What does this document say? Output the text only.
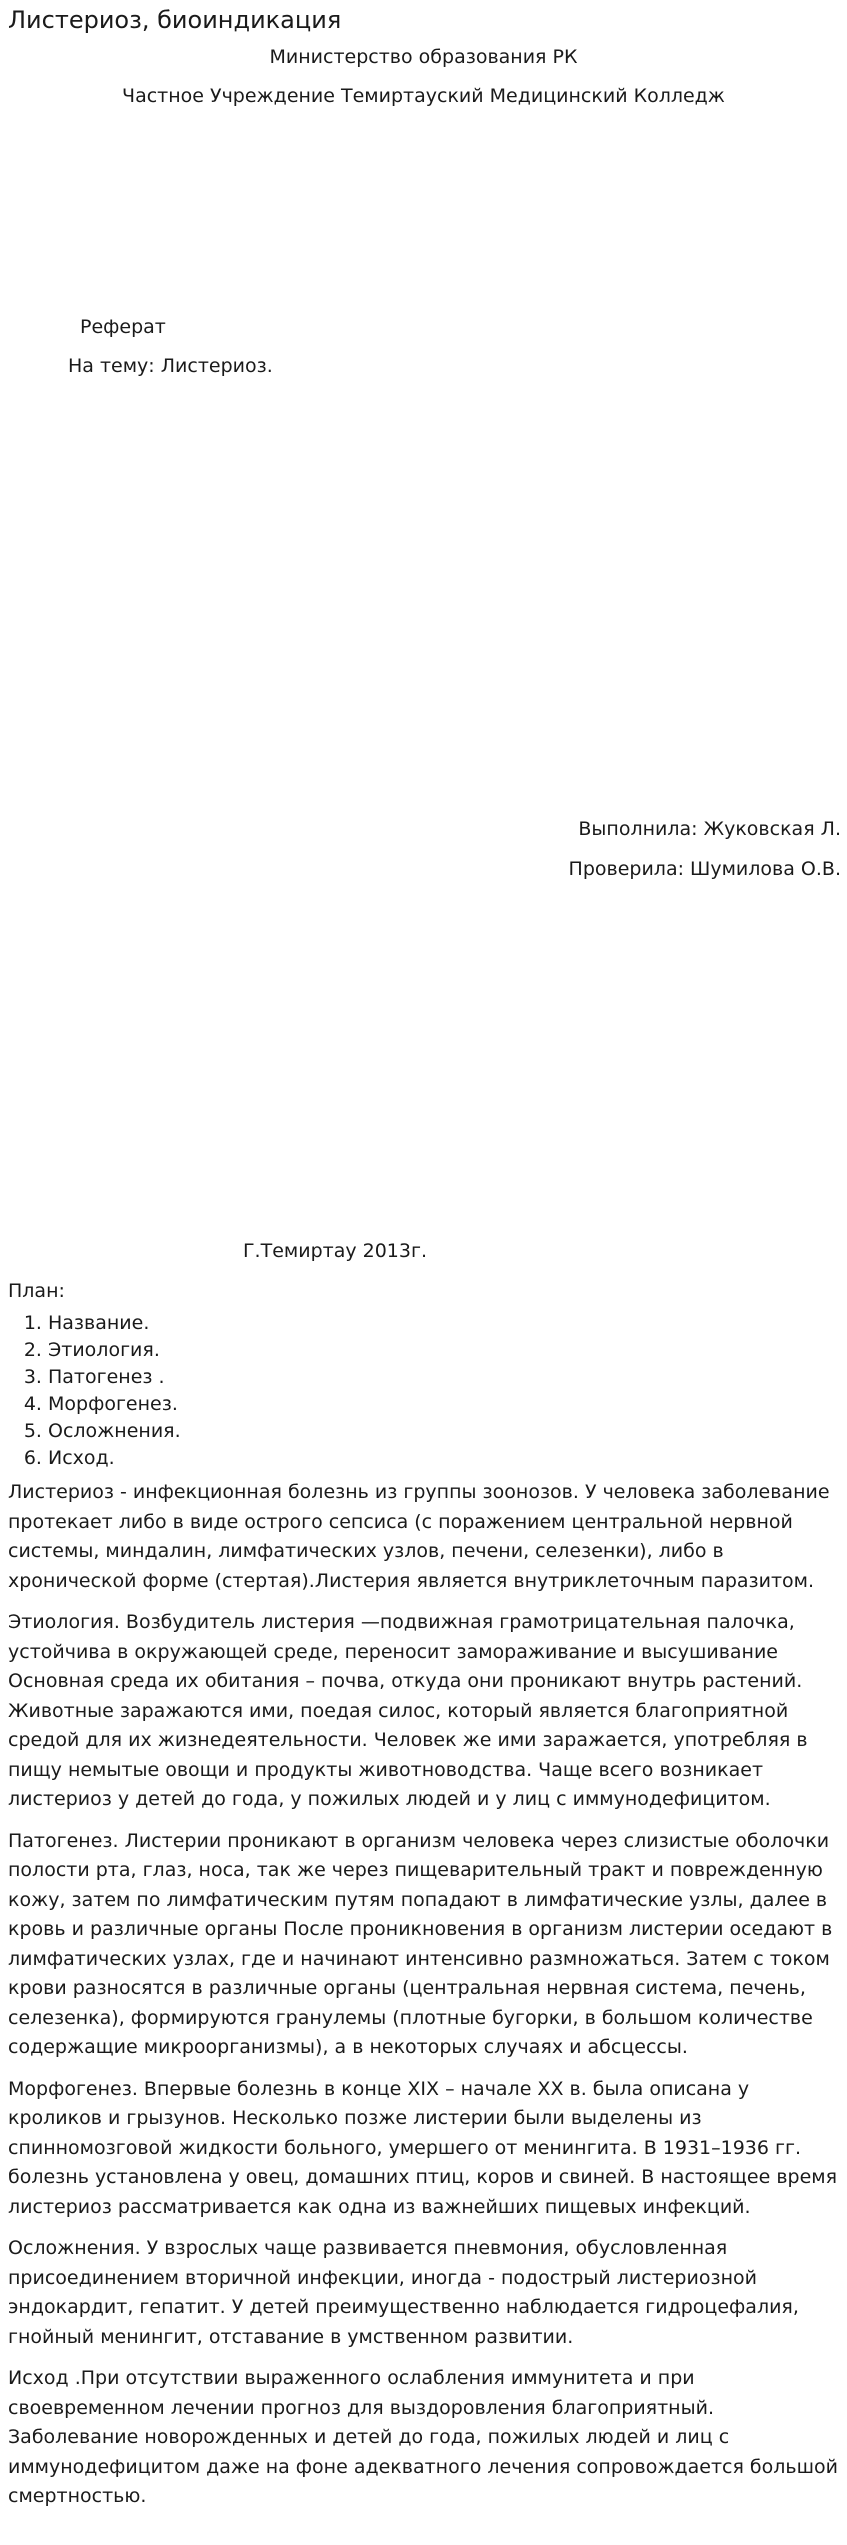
Листериоз, биоиндикация
Министерство образования РК
Частное Учреждение Темиртауский Медицинский Колледж
Реферат
На тему: Листериоз.
Выполнила: Жуковская Л.
Проверила: Шумилова О.В.
Г.Темиртау 2013г.
План:
1. Название.
2. Этиология.
3. Патогенез .
4. Морфогенез.
5. Осложнения.
6. Исход.

Листериоз - инфекционная болезнь из группы зоонозов. У человека заболевание протекает либо в виде острого сепсиса (с поражением центральной нервной системы, миндалин, лимфатических узлов, печени, селезенки), либо в хронической форме (стертая).Листерия является внутриклеточным паразитом.

Этиология. Возбудитель листерия —подвижная грамотрицательная палочка, устойчива в окружающей среде, переносит замораживание и высушивание Основная среда их обитания – почва, откуда они проникают внутрь растений. Животные заражаются ими, поедая силос, который является благоприятной средой для их жизнедеятельности. Человек же ими заражается, употребляя в пищу немытые овощи и продукты животноводства. Чаще всего возникает листериоз у детей до года, у пожилых людей и у лиц с иммунодефицитом.

Патогенез. Листерии проникают в организм человека через слизистые оболочки полости рта, глаз, носа, так же через пищеварительный тракт и поврежденную кожу, затем по лимфатическим путям попадают в лимфатические узлы, далее в кровь и различные органы После проникновения в организм листерии оседают в лимфатических узлах, где и начинают интенсивно размножаться. Затем с током крови разносятся в различные органы (центральная нервная система, печень, селезенка), формируются гранулемы (плотные бугорки, в большом количестве содержащие микроорганизмы), а в некоторых случаях и абсцессы.

Морфогенез. Впервые болезнь в конце XIX – начале XX в. была описана у кроликов и грызунов. Несколько позже листерии были выделены из спинномозговой жидкости больного, умершего от менингита. В 1931–1936 гг. болезнь установлена у овец, домашних птиц, коров и свиней. В настоящее время листериоз рассматривается как одна из важнейших пищевых инфекций.

Осложнения. У взрослых чаще развивается пневмония, обусловленная присоединением вторичной инфекции, иногда - подострый листериозной эндокардит, гепатит. У детей преимущественно наблюдается гидроцефалия, гнойный менингит, отставание в умственном развитии.

Исход .При отсутствии выраженного ослабления иммунитета и при своевременном лечении прогноз для выздоровления благоприятный. Заболевание новорожденных и детей до года, пожилых людей и лиц с иммунодефицитом даже на фоне адекватного лечения сопровождается большой смертностью.
